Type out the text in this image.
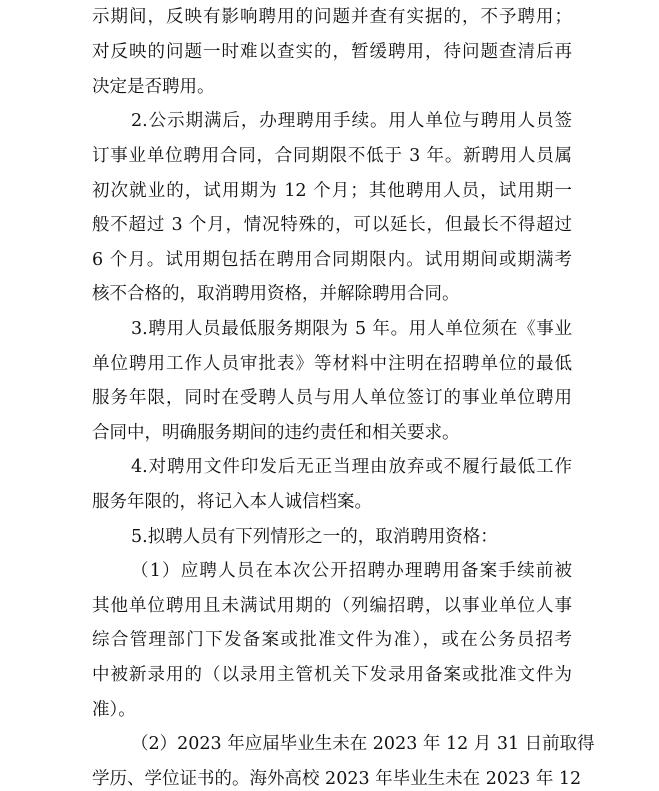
示期间，反映有影响聘用的问题并查有实据的，不予聘用；
对反映的问题一时难以查实的，暂缓聘用，待问题查清后再
决定是否聘用。
2.公示期满后，办理聘用手续。用人单位与聘用人员签
订事业单位聘用合同，合同期限不低于 3 年。新聘用人员属
初次就业的，试用期为 12 个月；其他聘用人员，试用期一
般不超过 3 个月，情况特殊的，可以延长，但最长不得超过
6 个月。试用期包括在聘用合同期限内。试用期间或期满考
核不合格的，取消聘用资格，并解除聘用合同。
3.聘用人员最低服务期限为 5 年。用人单位须在《事业
单位聘用工作人员审批表》等材料中注明在招聘单位的最低
服务年限，同时在受聘人员与用人单位签订的事业单位聘用
合同中，明确服务期间的违约责任和相关要求。
4.对聘用文件印发后无正当理由放弃或不履行最低工作
服务年限的，将记入本人诚信档案。
5.拟聘人员有下列情形之一的，取消聘用资格：
（1）应聘人员在本次公开招聘办理聘用备案手续前被
其他单位聘用且未满试用期的（列编招聘，以事业单位人事
综合管理部门下发备案或批准文件为准），或在公务员招考
中被新录用的（以录用主管机关下发录用备案或批准文件为
准）。
（2）2023 年应届毕业生未在 2023 年 12 月 31 日前取得
学历、学位证书的。海外高校 2023 年毕业生未在 2023 年 12
